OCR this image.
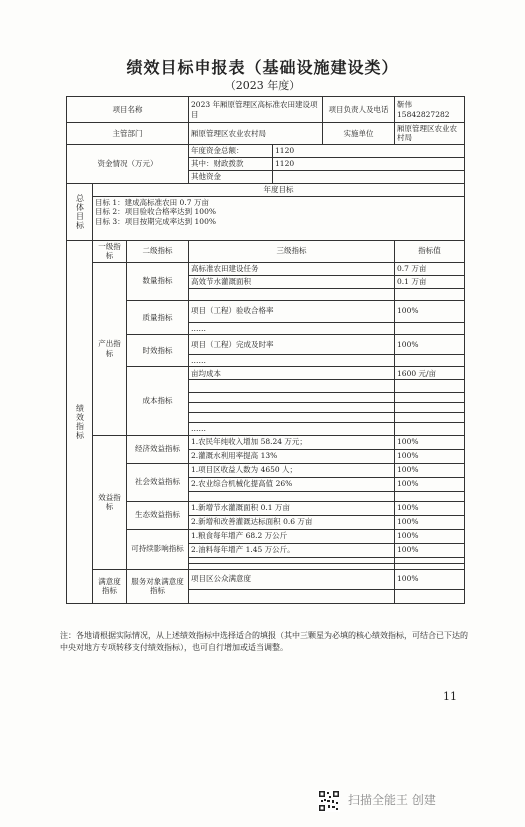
绩效目标申报表（基础设施建设类）
（2023 年度）
项目名称			2023 年厢原管理区高标准农田建设项目		项目负责人及电话	靳伟 15842827282
主管部门			厢原管理区农业农村局		实施单位	厢原管理区农业农村局
资金情况（万元）			年度资金总额：	1120		
			其中：财政拨款	1120		
			其他资金			
总体目标	年度目标					

	目标 1：建成高标准农田 0.7 万亩
目标 2：项目验收合格率达到 100%
目标 3：项目按期完成率达到 100%					

绩效指标	一级指标	二级指标	三级指标			指标值
	产出指标	数量指标	高标准农田建设任务			0.7 万亩
			高效节水灌溉面积			0.1 万亩

		质量指标	项目（工程）验收合格率			100%
			……			
		时效指标	项目（工程）完成及时率			100%
			……			
		成本指标	亩均成本			1600 元/亩

			……			
	效益指标	经济效益指标	1.农民年纯收入增加 58.24 万元；			100%
			2.灌溉水利用率提高 13%			100%
		社会效益指标	1.项目区收益人数为 4650 人；			100%
			2.农业综合机械化提高值 26%			100%

		生态效益指标	1.新增节水灌溉面积 0.1 万亩			100%
			2.新增和改善灌溉达标面积 0.6 万亩			100%
		可持续影响指标	1.粮食每年增产 68.2 万公斤			100%
			2.油料每年增产 1.45 万公斤。			100%

	满意度指标	服务对象满意度指标	项目区公众满意度			100%

注：各地请根据实际情况，从上述绩效指标中选择适合的填报（其中三颗星为必填的核心绩效指标，可结合已下达的中央对地方专项转移支付绩效指标），也可自行增加或适当调整。
11
扫描全能王 创建
